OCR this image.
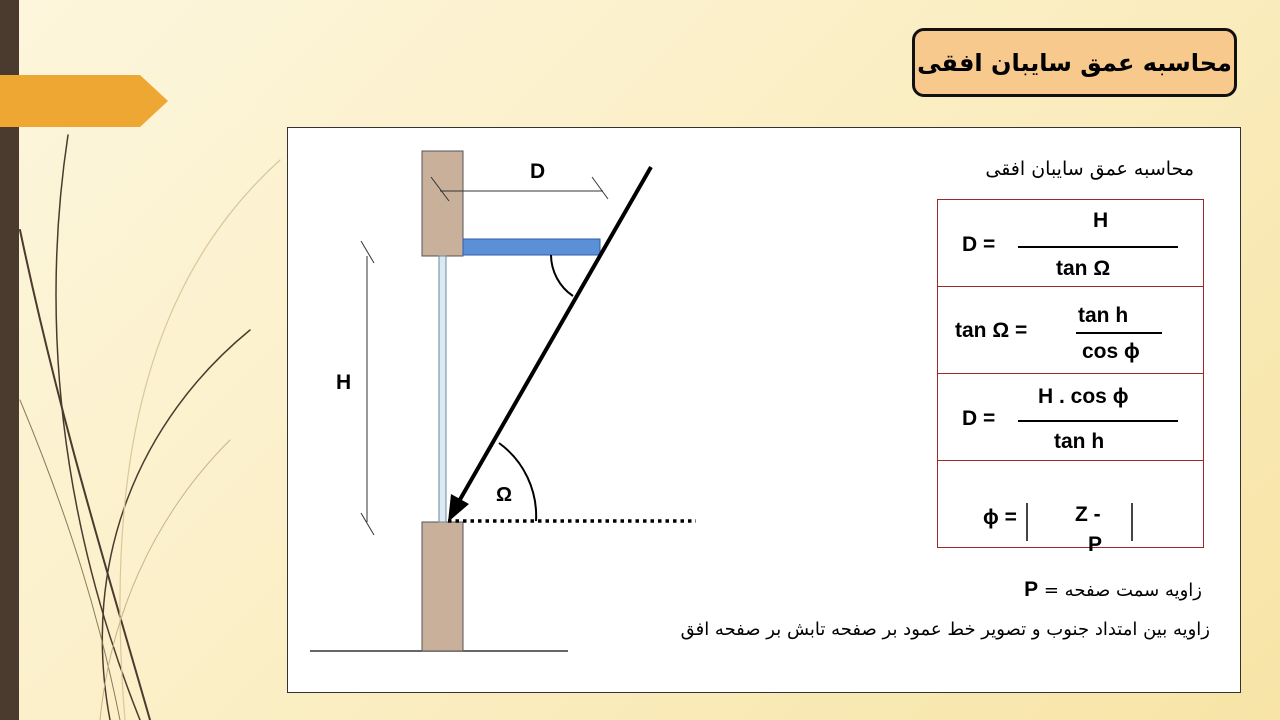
محاسبه عمق سایبان افقی
D
H
Ω
محاسبه عمق سایبان افقی
D =
H
tan Ω

tan Ω =
tan h
cos ϕ

D =
H . cos ϕ
tan h

ϕ =	Z -
P
زاویه سمت صفحه = P
زاویه بین امتداد جنوب و تصویر خط عمود بر صفحه تابش بر صفحه افق
